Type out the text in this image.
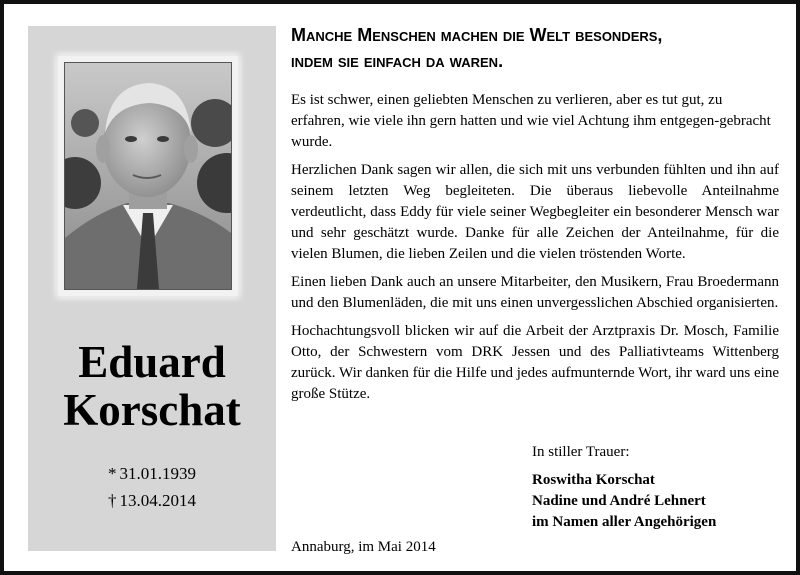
Eduard
Korschat
* 31.01.1939
† 13.04.2014
Manche Menschen machen die Welt besonders,
indem sie einfach da waren.

Es ist schwer, einen geliebten Menschen zu verlieren, aber es tut gut, zu erfahren, wie viele ihn gern hatten und wie viel Achtung ihm entgegen-gebracht wurde.

Herzlichen Dank sagen wir allen, die sich mit uns verbunden fühlten und ihn auf seinem letzten Weg begleiteten. Die überaus liebevolle Anteilnahme verdeutlicht, dass Eddy für viele seiner Wegbegleiter ein besonderer Mensch war und sehr geschätzt wurde. Danke für alle Zeichen der Anteilnahme, für die vielen Blumen, die lieben Zeilen und die vielen tröstenden Worte.

Einen lieben Dank auch an unsere Mitarbeiter, den Musikern, Frau Broedermann und den Blumenläden, die mit uns einen unvergesslichen Abschied organisierten.

Hochachtungsvoll blicken wir auf die Arbeit der Arztpraxis Dr. Mosch, Familie Otto, der Schwestern vom DRK Jessen und des Palliativteams Wittenberg zurück. Wir danken für die Hilfe und jedes aufmunternde Wort, ihr ward uns eine große Stütze.

In stiller Trauer:
Roswitha Korschat
Nadine und André Lehnert
im Namen aller Angehörigen
Annaburg, im Mai 2014
